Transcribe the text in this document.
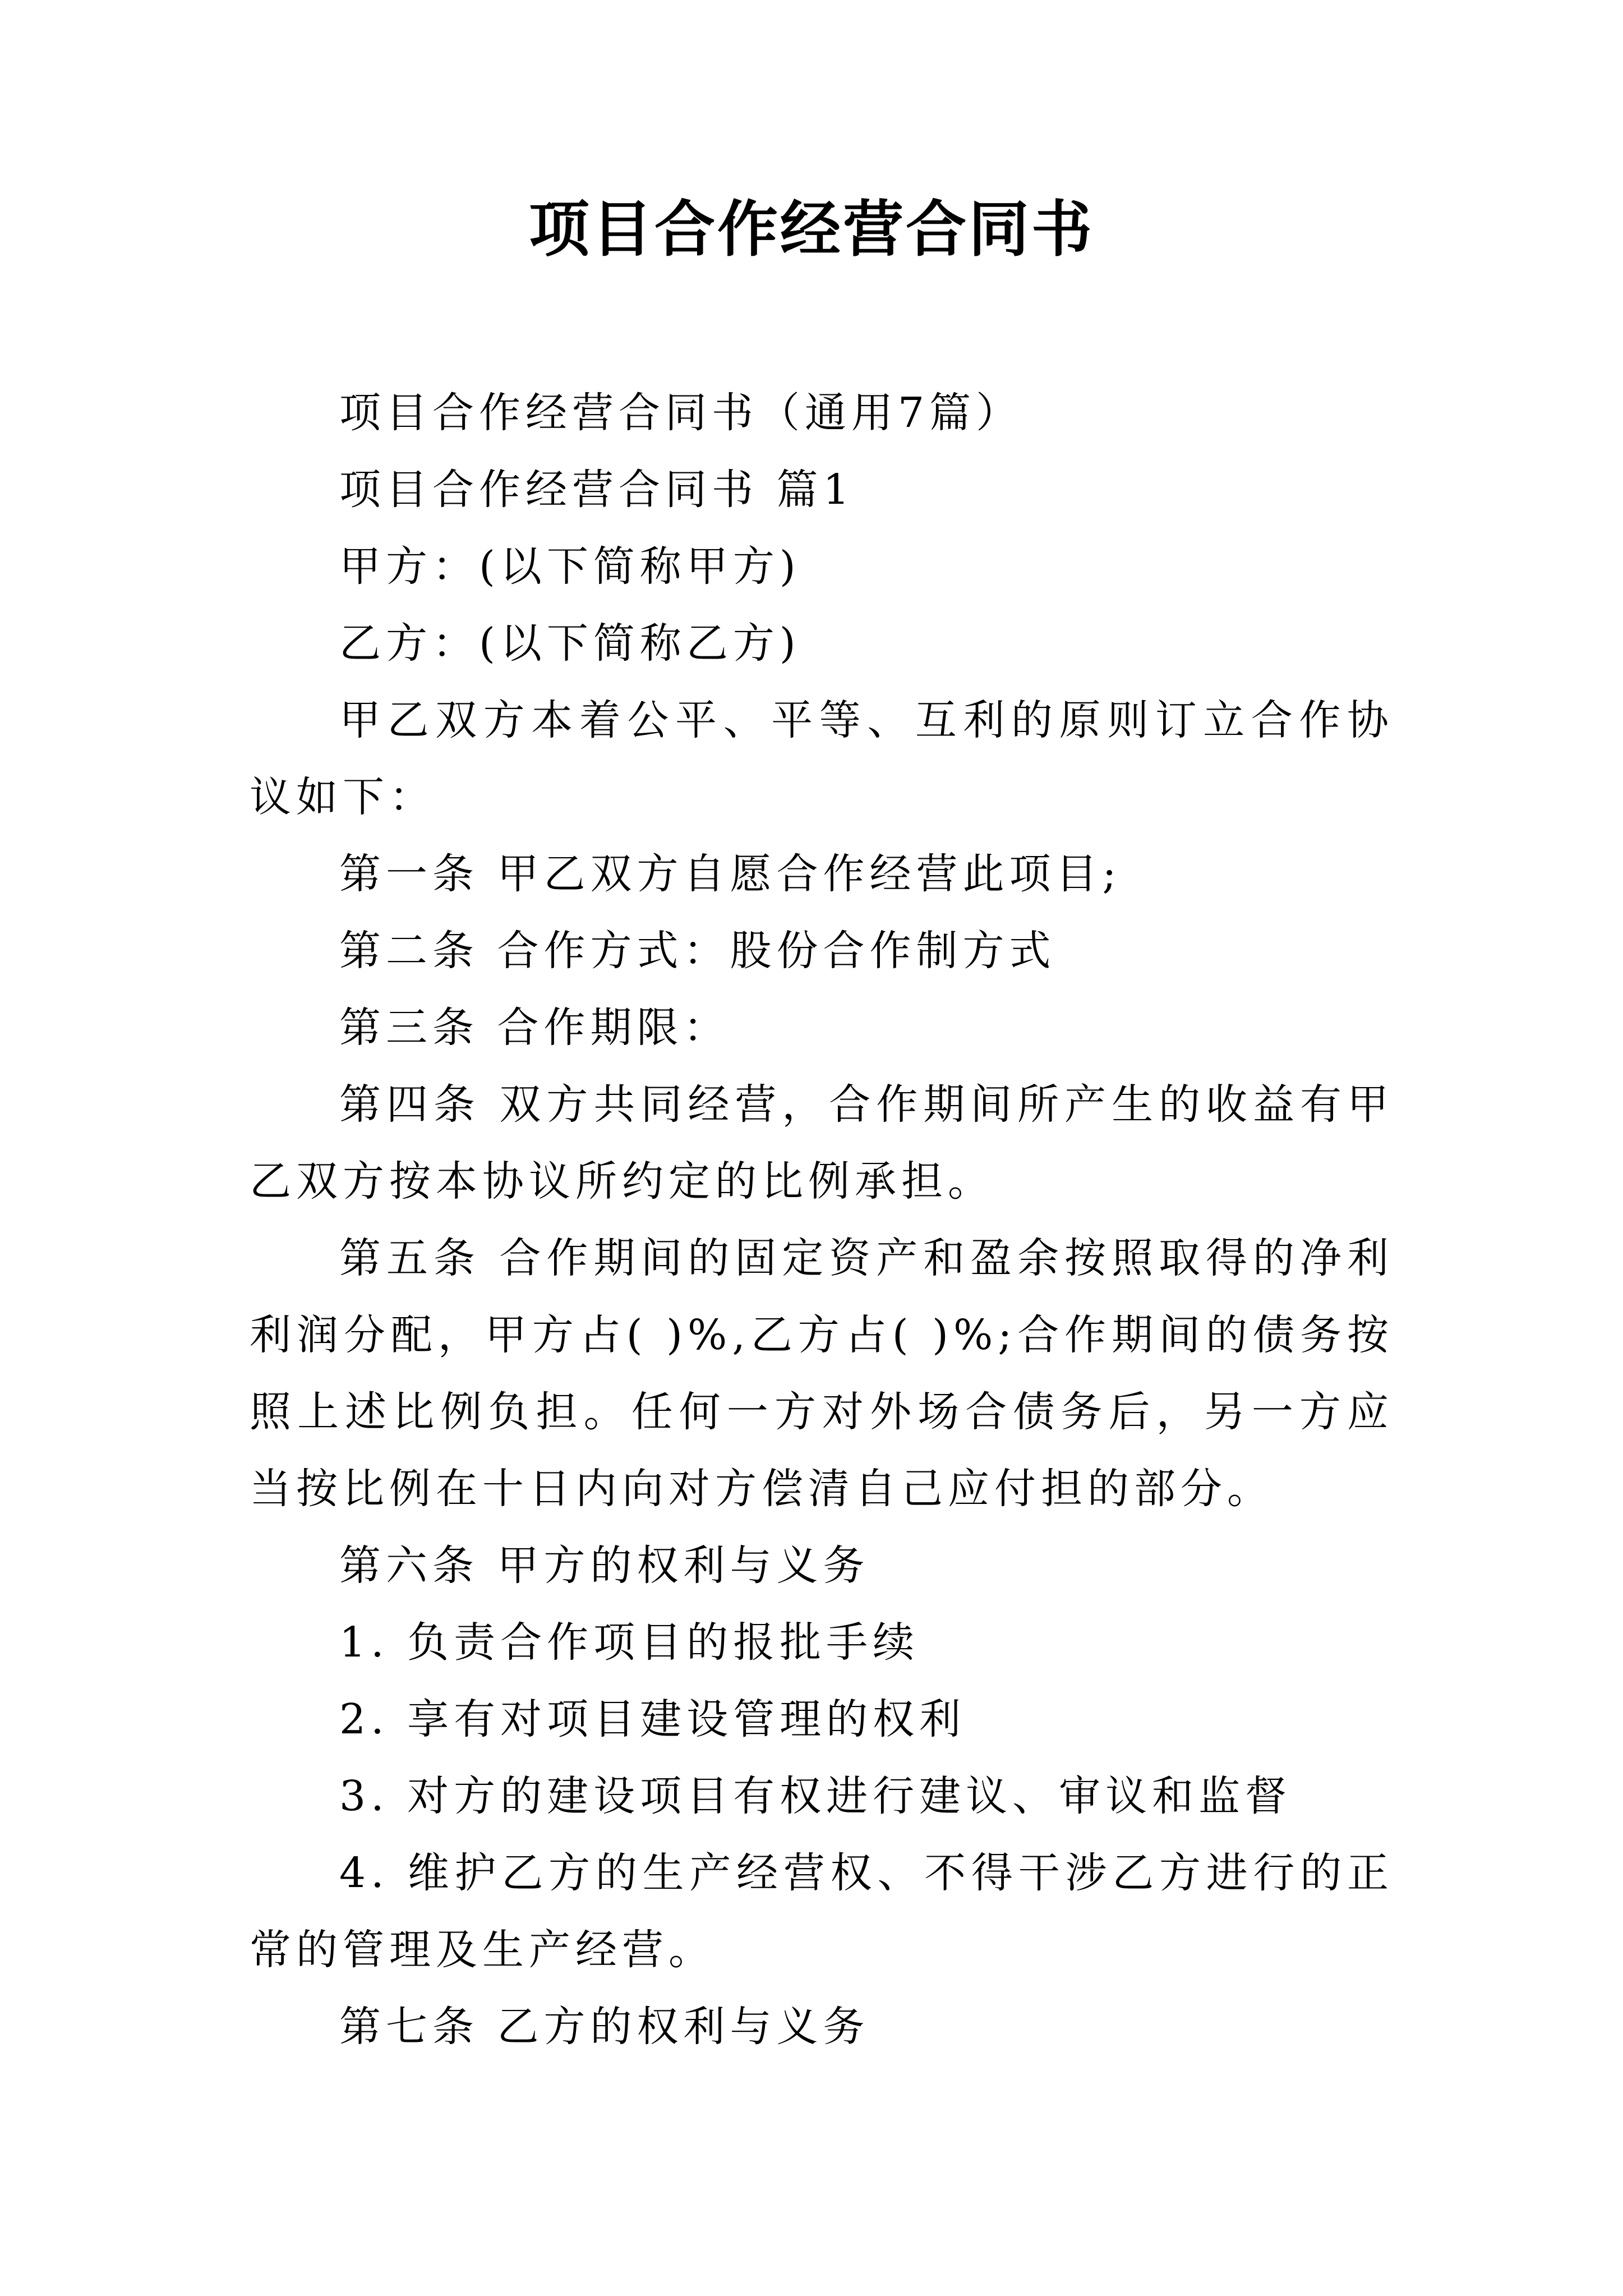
项目合作经营合同书

项目合作经营合同书（通用7篇）

项目合作经营合同书 篇1

甲方：(以下简称甲方)

乙方：(以下简称乙方)

甲乙双方本着公平、平等、互利的原则订立合作协议如下：

第一条 甲乙双方自愿合作经营此项目;

第二条 合作方式：股份合作制方式

第三条 合作期限：

第四条 双方共同经营，合作期间所产生的收益有甲乙双方按本协议所约定的比例承担。

第五条 合作期间的固定资产和盈余按照取得的净利利润分配，甲方占( )%,乙方占( )%;合作期间的债务按照上述比例负担。任何一方对外场合债务后，另一方应当按比例在十日内向对方偿清自己应付担的部分。

第六条 甲方的权利与义务

1. 负责合作项目的报批手续

2. 享有对项目建设管理的权利

3. 对方的建设项目有权进行建议、审议和监督

4. 维护乙方的生产经营权、不得干涉乙方进行的正常的管理及生产经营。

第七条 乙方的权利与义务
